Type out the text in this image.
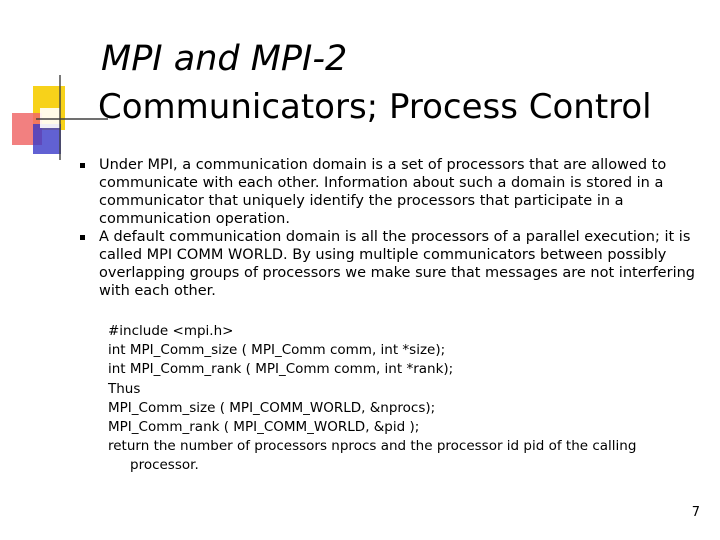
MPI and MPI-2
Communicators; Process Control
Under MPI, a communication domain is a set of processors that are allowed to communicate with each other. Information about such a domain is stored in a communicator that uniquely identify the processors that participate in a communication operation.
A default communication domain is all the processors of a parallel execution; it is called MPI COMM WORLD. By using multiple communicators between possibly overlapping groups of processors we make sure that messages are not interfering with each other.
#include <mpi.h>
int MPI_Comm_size ( MPI_Comm comm, int *size);
int MPI_Comm_rank ( MPI_Comm comm, int *rank);
Thus
MPI_Comm_size ( MPI_COMM_WORLD, &nprocs);
MPI_Comm_rank ( MPI_COMM_WORLD, &pid );
return the number of processors nprocs and the processor id pid of the calling
processor.
7
